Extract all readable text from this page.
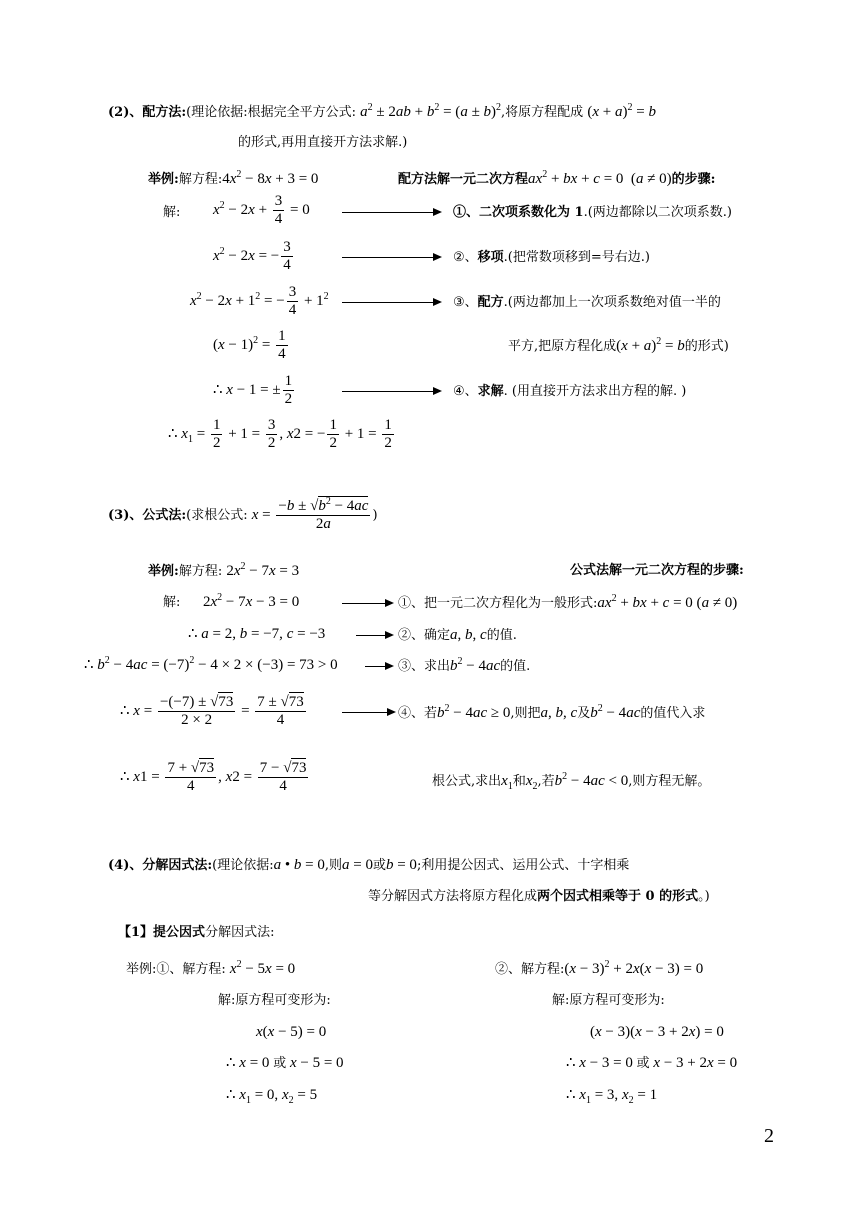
(2)、配方法:(理论依据:根据完全平方公式: $a^2 \pm 2ab + b^2 = (a \pm b)^2$,将原方程配成 $(x + a)^2 = b$
的形式,再用直接开方法求解.)
举例:解方程$:4x^2 - 8x + 3 = 0$	配方法解一元二次方程$ax^2$ + bx + c = 0  (a ≠ 0)的步骤:
解: $x^2 - 2x + \frac{3}{4} = 0$	①、二次项系数化为 1.(两边都除以二次项系数.)
$x^2 - 2x$ = − $\frac{3}{4}$	②、移项.(把常数项移到=号右边.)
$x^2 - 2x + 1^2$ = − $\frac{3}{4} + 1^2$	③、配方.(两边都加上一次项系数绝对值一半的
$(x - 1)^2 = \frac{1}{4}$	平方,把原方程化成$(x + a)^2 = b$的形式)
∴ x − 1 = ± $\frac{1}{2}$	④、求解. (用直接开方法求出方程的解. )
∴ $x_1 = \frac{1}{2} + 1 = \frac{3}{2}$ , x2 = − $\frac{1}{2} + 1 = \frac{1}{2}$
(3)、公式法:(求根公式: $x = \frac{-b \pm √b^2 - 4ac}{2a}$ )
举例:解方程: $2x^2 - 7x = 3$	公式法解一元二次方程的步骤:
解: $2x^2 - 7x - 3 = 0$	①、把一元二次方程化为一般形式$:ax^2$ + bx + c = 0 (a ≠ 0)
∴ a = 2, b = −7, c = −3	②、确定a, b, c的值.
∴ $b^2 - 4ac = (-7)^2 - 4 \times 2 \times (-3) = 73 > 0$	③、求出$b^2 - 4ac$的值.
∴ $x = \frac{-(-7) \pm √73}{2 \times 2} = \frac{7 \pm √73}{4}$	④、若$b^2 - 4ac \ge 0$,则把a, b, c及$b^2 - 4ac$的值代入求
∴ $x1 = \frac{7 + √73}{4}$ , $x2 = \frac{7 - √73}{4}$	根公式,求出$x_1$和$x_2$,若$b^2 - 4ac < 0$,则方程无解。
(4)、分解因式法:(理论依据:a • b = 0,则a = 0或b = 0;利用提公因式、运用公式、十字相乘
等分解因式方法将原方程化成两个因式相乘等于 0 的形式。)
【1】提公因式分解因式法:
举例:①、解方程: $x^2 - 5x = 0$
解:原方程可变形为:
x(x − 5) = 0
∴ x = 0 或 x − 5 = 0
∴ $x_1 = 0$, $x_2 = 5$
②、解方程:(x − 3)$^2$ + 2x(x − 3) = 0
解:原方程可变形为:
(x − 3)(x − 3 + 2x) = 0
∴ x − 3 = 0 或 x − 3 + 2x = 0
∴ $x_1 = 3$, $x_2 = 1$
2
